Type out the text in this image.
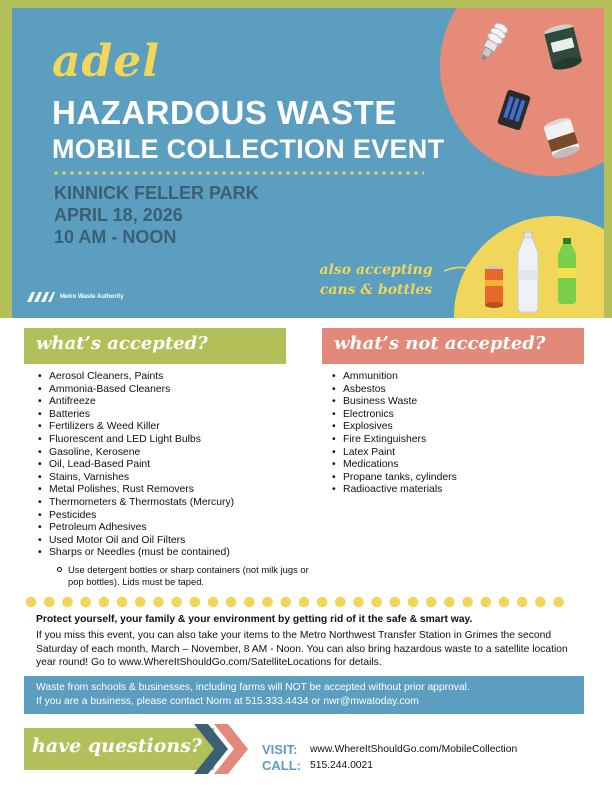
adel
HAZARDOUS WASTE
MOBILE COLLECTION EVENT
KINNICK FELLER PARK
APRIL 18, 2026
10 AM - NOON
also accepting
cans & bottles
Metro Waste Authority
what’s accepted?	what’s not accepted?
• Aerosol Cleaners, Paints
• Ammonia-Based Cleaners
• Antifreeze
• Batteries
• Fertilizers & Weed Killer
• Fluorescent and LED Light Bulbs
• Gasoline, Kerosene
• Oil, Lead-Based Paint
• Stains, Varnishes
• Metal Polishes, Rust Removers
• Thermometers & Thermostats (Mercury)
• Pesticides
• Petroleum Adhesives
• Used Motor Oil and Oil Filters
• Sharps or Needles (must be contained)
Use detergent bottles or sharp containers (not milk jugs or pop bottles). Lids must be taped.
• Ammunition
• Asbestos
• Business Waste
• Electronics
• Explosives
• Fire Extinguishers
• Latex Paint
• Medications
• Propane tanks, cylinders
• Radioactive materials
Protect yourself, your family & your environment by getting rid of it the safe & smart way.

If you miss this event, you can also take your items to the Metro Northwest Transfer Station in Grimes the second Saturday of each month, March – November, 8 AM - Noon. You can also bring hazardous waste to a satellite location year round! Go to www.WhereItShouldGo.com/SatelliteLocations for details.

Waste from schools & businesses, including farms will NOT be accepted without prior approval.
If you are a business, please contact Norm at 515.333.4434 or nwr@mwatoday.com
have questions?	VISIT: www.WhereItShouldGo.com/MobileCollection
CALL: 515.244.0021
